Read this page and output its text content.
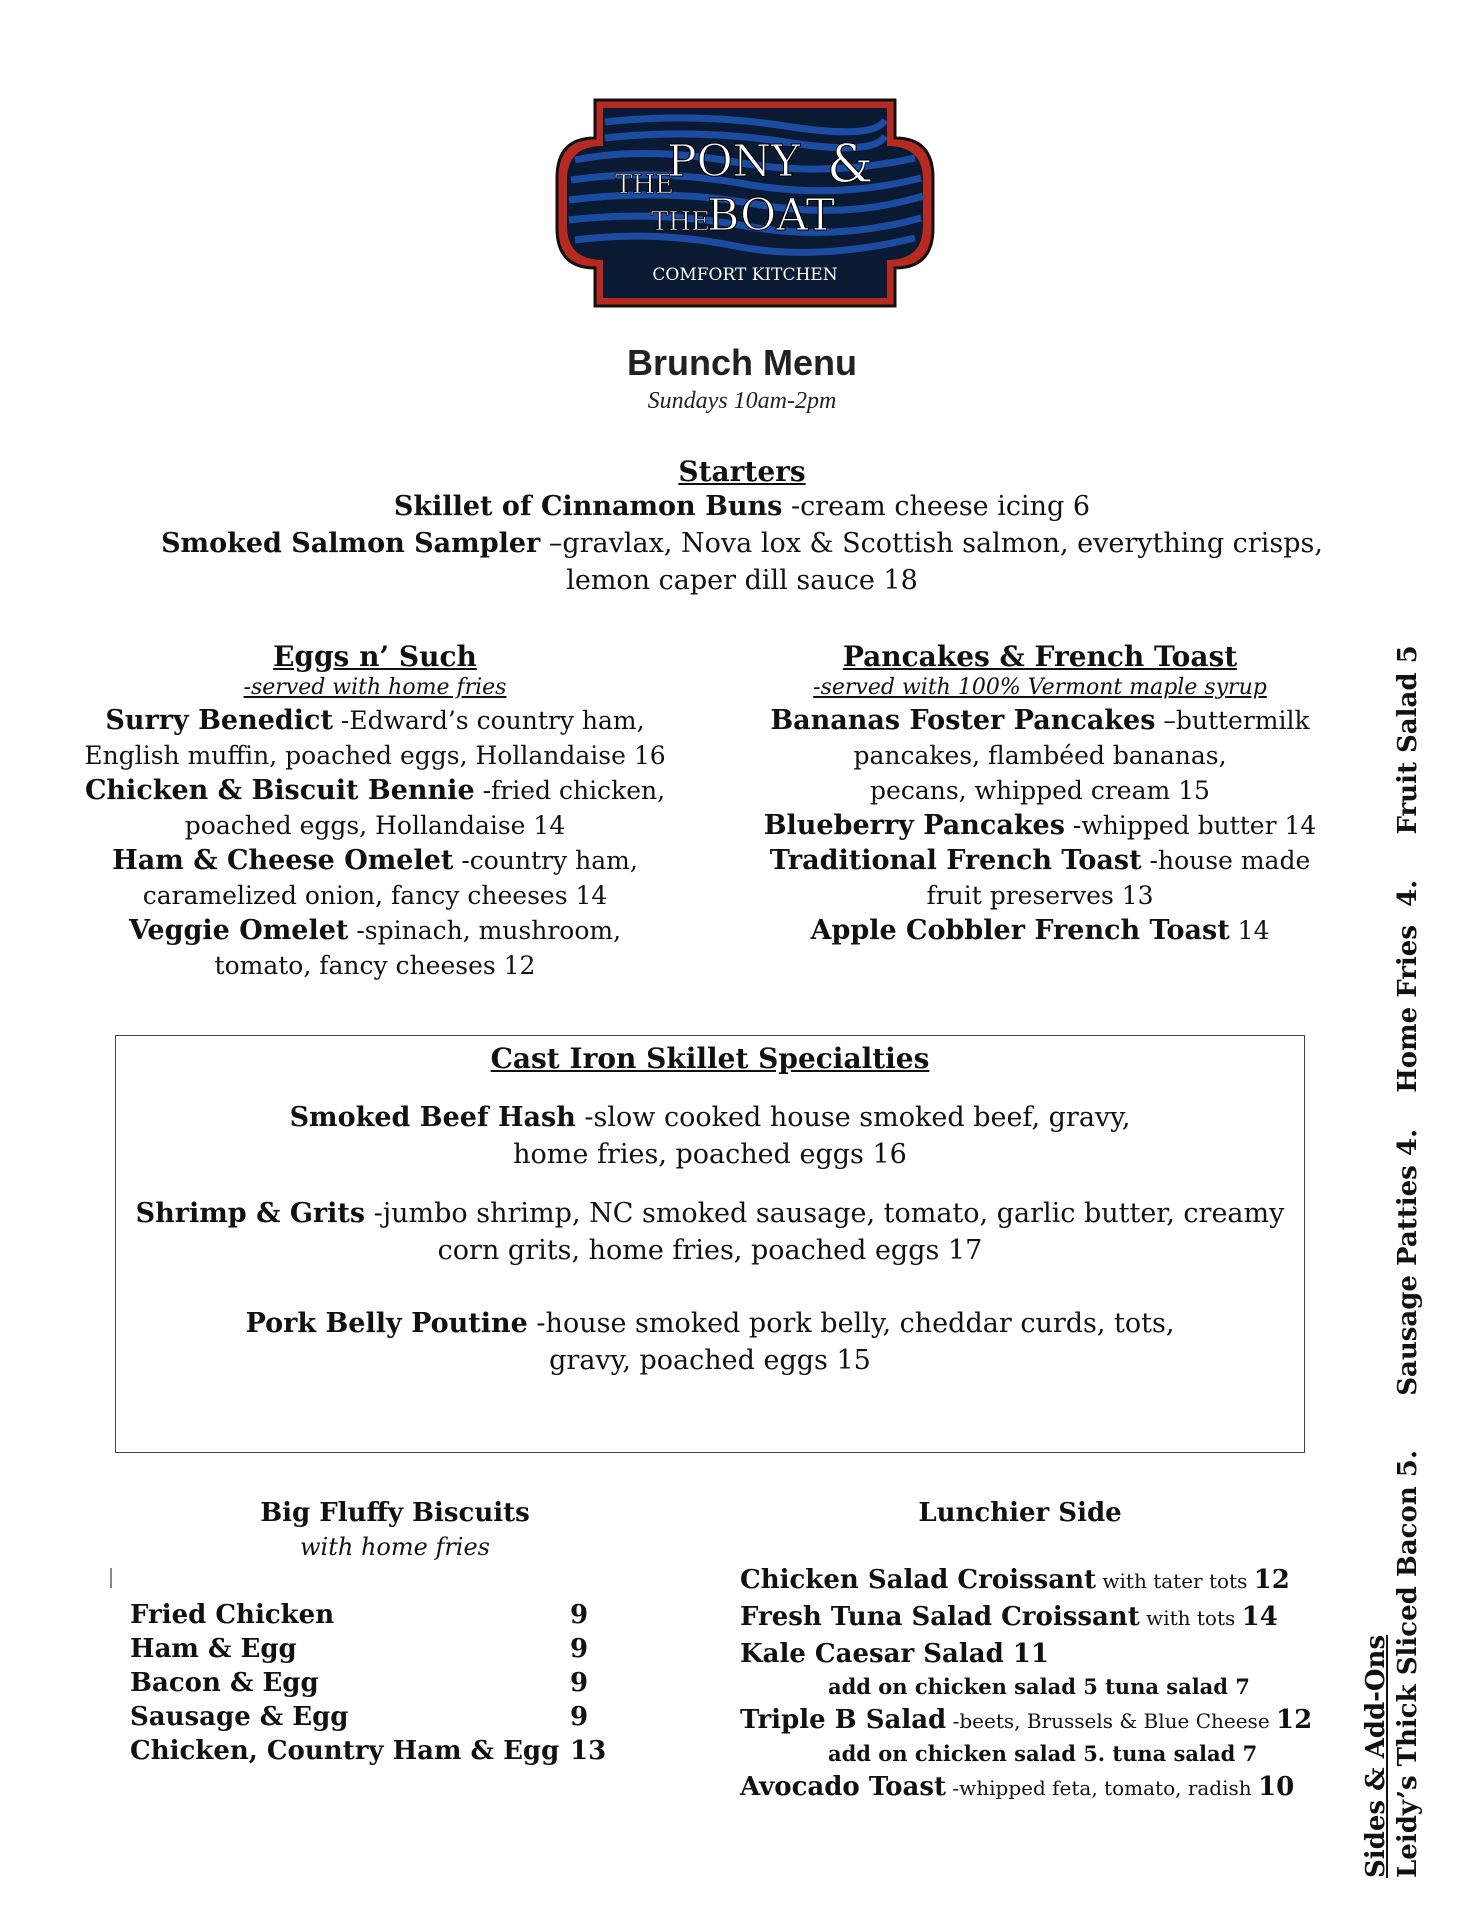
THE
PONY &
THE
BOAT
COMFORT KITCHEN
Brunch Menu
Sundays 10am-2pm
Starters
Skillet of Cinnamon Buns -cream cheese icing 6
Smoked Salmon Sampler –gravlax, Nova lox & Scottish salmon, everything crisps,
lemon caper dill sauce 18
Eggs n’ Such
-served with home fries
Surry Benedict -Edward’s country ham,
English muffin, poached eggs, Hollandaise 16
Chicken & Biscuit Bennie -fried chicken,
poached eggs, Hollandaise 14
Ham & Cheese Omelet -country ham,
caramelized onion, fancy cheeses 14
Veggie Omelet -spinach, mushroom,
tomato, fancy cheeses 12
Pancakes & French Toast
-served with 100% Vermont maple syrup
Bananas Foster Pancakes –buttermilk
pancakes, flambéed bananas,
pecans, whipped cream 15
Blueberry Pancakes -whipped butter 14
Traditional French Toast -house made
fruit preserves 13
Apple Cobbler French Toast 14
Cast Iron Skillet Specialties
Smoked Beef Hash -slow cooked house smoked beef, gravy,
home fries, poached eggs 16
Shrimp & Grits -jumbo shrimp, NC smoked sausage, tomato, garlic butter, creamy
corn grits, home fries, poached eggs 17
Pork Belly Poutine -house smoked pork belly, cheddar curds, tots,
gravy, poached eggs 15
Big Fluffy Biscuits
with home fries
Fried Chicken	9
Ham & Egg	9
Bacon & Egg	9
Sausage & Egg	9
Chicken, Country Ham & Egg 13
Lunchier Side
Chicken Salad Croissant with tater tots 12
Fresh Tuna Salad Croissant with tots 14
Kale Caesar Salad 11
add on chicken salad 5 tuna salad 7
Triple B Salad -beets, Brussels & Blue Cheese 12
add on chicken salad 5. tuna salad 7
Avocado Toast -whipped feta, tomato, radish 10	Sides & Add-Ons Leidy’s Thick Sliced Bacon 5.      Sausage Patties 4.    Home Fries  4.     Fruit Salad 5
